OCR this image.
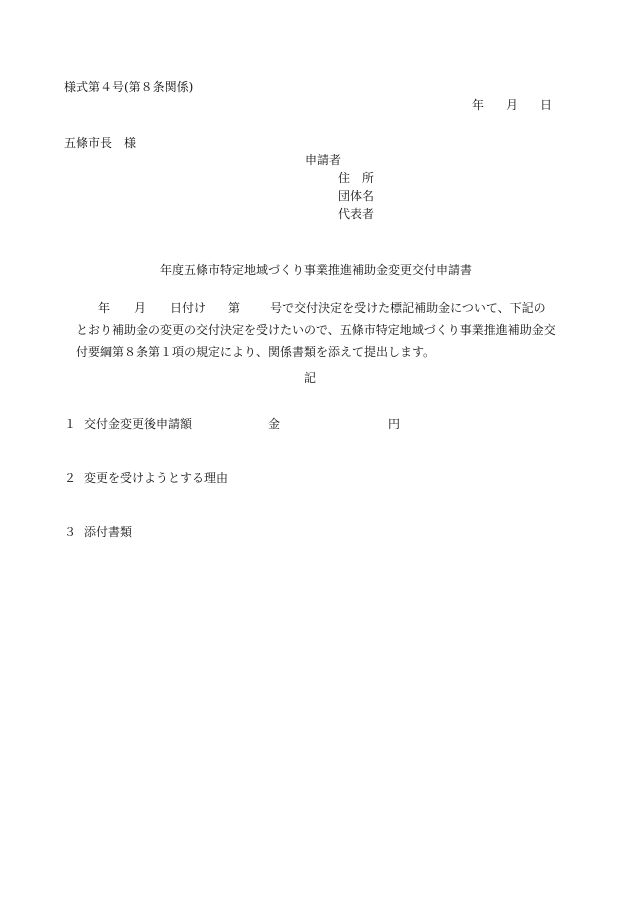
様式第４号(第８条関係)
年 月 日
五條市長　様
申請者
住　所
団体名
代表者
年度五條市特定地域づくり事業推進補助金変更交付申請書
年 月 日付け 第	号で交付決定を受けた標記補助金について、下記の
とおり補助金の変更の交付決定を受けたいので、五條市特定地域づくり事業推進補助金交
付要綱第８条第１項の規定により、関係書類を添えて提出します。
記
１ 交付金変更後申請額	金	円
２ 変更を受けようとする理由
３ 添付書類
